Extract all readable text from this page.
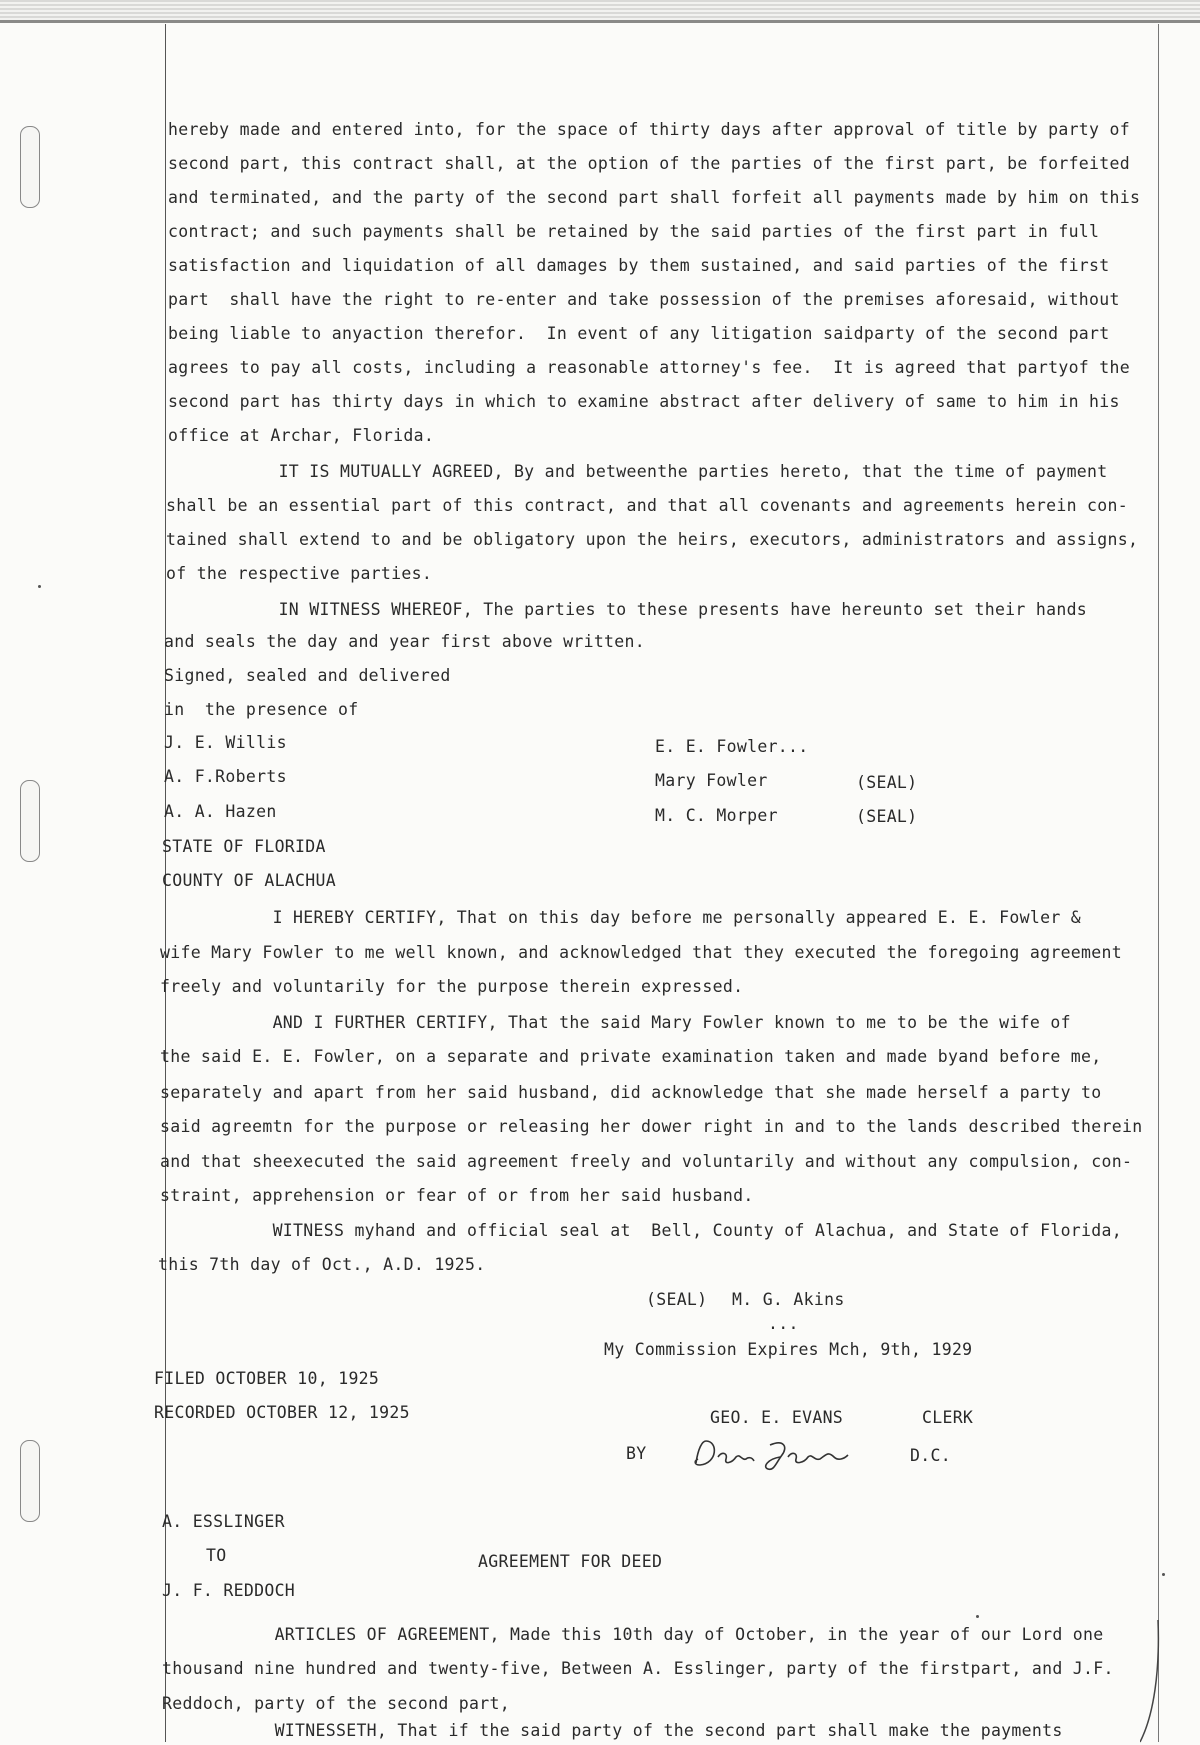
hereby made and entered into, for the space of thirty days after approval of title by party of
second part, this contract shall, at the option of the parties of the first part, be forfeited
and terminated, and the party of the second part shall forfeit all payments made by him on this
contract; and such payments shall be retained by the said parties of the first part in full
satisfaction and liquidation of all damages by them sustained, and said parties of the first
part  shall have the right to re-enter and take possession of the premises aforesaid, without
being liable to anyaction therefor.  In event of any litigation saidparty of the second part
agrees to pay all costs, including a reasonable attorney's fee.  It is agreed that partyof the
second part has thirty days in which to examine abstract after delivery of same to him in his
office at Archar, Florida.
IT IS MUTUALLY AGREED, By and betweenthe parties hereto, that the time of payment
shall be an essential part of this contract, and that all covenants and agreements herein con-
tained shall extend to and be obligatory upon the heirs, executors, administrators and assigns,
of the respective parties.
IN WITNESS WHEREOF, The parties to these presents have hereunto set their hands
and seals the day and year first above written.
Signed, sealed and delivered
in  the presence of
J. E. Willis
A. F.Roberts
A. A. Hazen
E. E. Fowler...
Mary Fowler	(SEAL)
M. C. Morper	(SEAL)
STATE OF FLORIDA
COUNTY OF ALACHUA
I HEREBY CERTIFY, That on this day before me personally appeared E. E. Fowler &
wife Mary Fowler to me well known, and acknowledged that they executed the foregoing agreement
freely and voluntarily for the purpose therein expressed.
AND I FURTHER CERTIFY, That the said Mary Fowler known to me to be the wife of
the said E. E. Fowler, on a separate and private examination taken and made byand before me,
separately and apart from her said husband, did acknowledge that she made herself a party to
said agreemtn for the purpose or releasing her dower right in and to the lands described therein
and that sheexecuted the said agreement freely and voluntarily and without any compulsion, con-
straint, apprehension or fear of or from her said husband.
WITNESS myhand and official seal at  Bell, County of Alachua, and State of Florida,
this 7th day of Oct., A.D. 1925.
(SEAL) M. G. Akins
...
My Commission Expires Mch, 9th, 1929
FILED OCTOBER 10, 1925
RECORDED OCTOBER 12, 1925	GEO. E. EVANS	CLERK
BY	D.C.
A. ESSLINGER
TO
J. F. REDDOCH
AGREEMENT FOR DEED
ARTICLES OF AGREEMENT, Made this 10th day of October, in the year of our Lord one
thousand nine hundred and twenty-five, Between A. Esslinger, party of the firstpart, and J.F.
Reddoch, party of the second part,
WITNESSETH, That if the said party of the second part shall make the payments
